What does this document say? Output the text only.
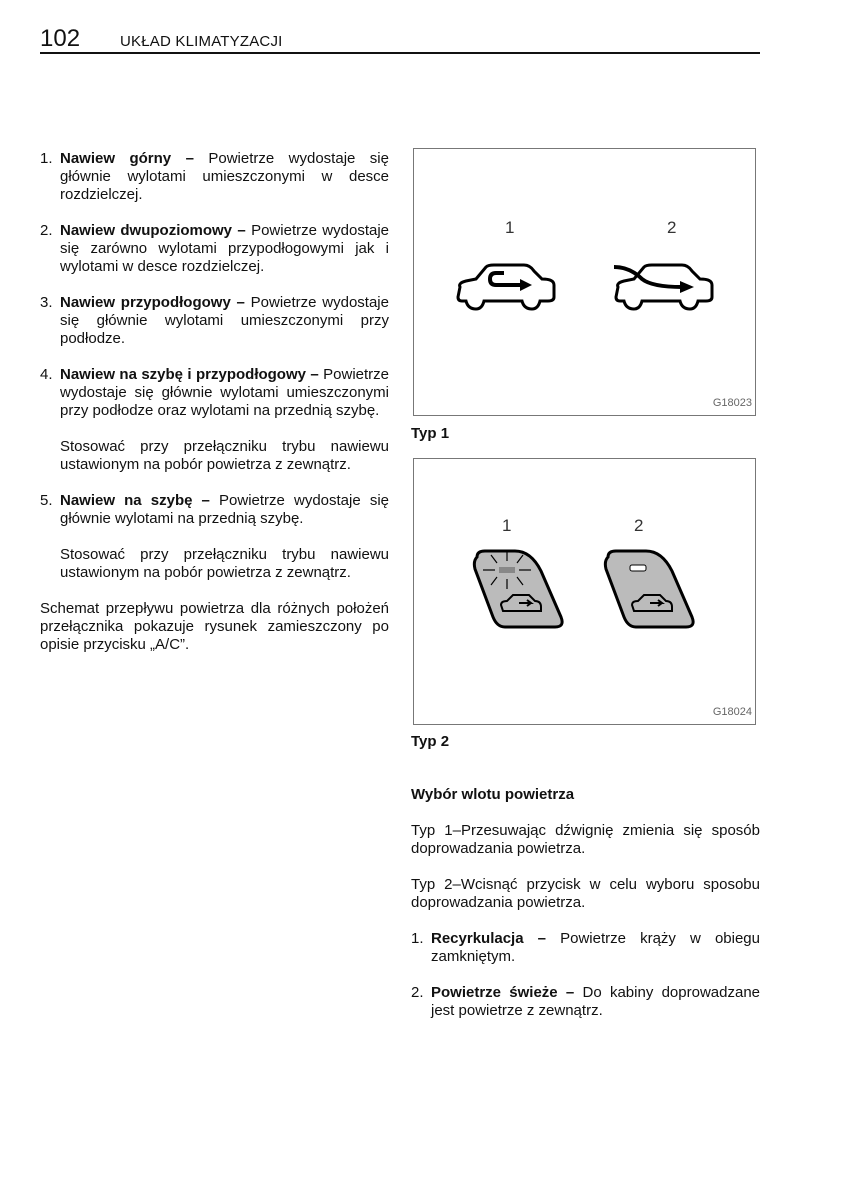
102	UKŁAD KLIMATYZACJI
1. Nawiew górny – Powietrze wydostaje się głównie wylotami umieszczonymi w desce rozdzielczej.
2. Nawiew dwupoziomowy – Powietrze wydostaje się zarówno wylotami przypodłogowymi jak i wylotami w desce rozdzielczej.
3. Nawiew przypodłogowy – Powietrze wydostaje się głównie wylotami umieszczonymi przy podłodze.
4. Nawiew na szybę i przypodłogowy – Powietrze wydostaje się głównie wylotami umieszczonymi przy podłodze oraz wylotami na przednią szybę.
Stosować przy przełączniku trybu nawiewu ustawionym na pobór powietrza z zewnątrz.
5. Nawiew na szybę – Powietrze wydostaje się głównie wylotami na przednią szybę.
Stosować przy przełączniku trybu nawiewu ustawionym na pobór powietrza z zewnątrz.
Schemat przepływu powietrza dla różnych położeń przełącznika pokazuje rysunek zamieszczony po opisie przycisku „A/C”.
1	2
G18023
Typ 1
1	2
G18024
Typ 2
Wybór wlotu powietrza
Typ 1–Przesuwając dźwignię zmienia się sposób doprowadzania powietrza.
Typ 2–Wcisnąć przycisk w celu wyboru sposobu doprowadzania powietrza.
1. Recyrkulacja – Powietrze krąży w obiegu zamkniętym.
2. Powietrze świeże – Do kabiny doprowadzane jest powietrze z zewnątrz.
